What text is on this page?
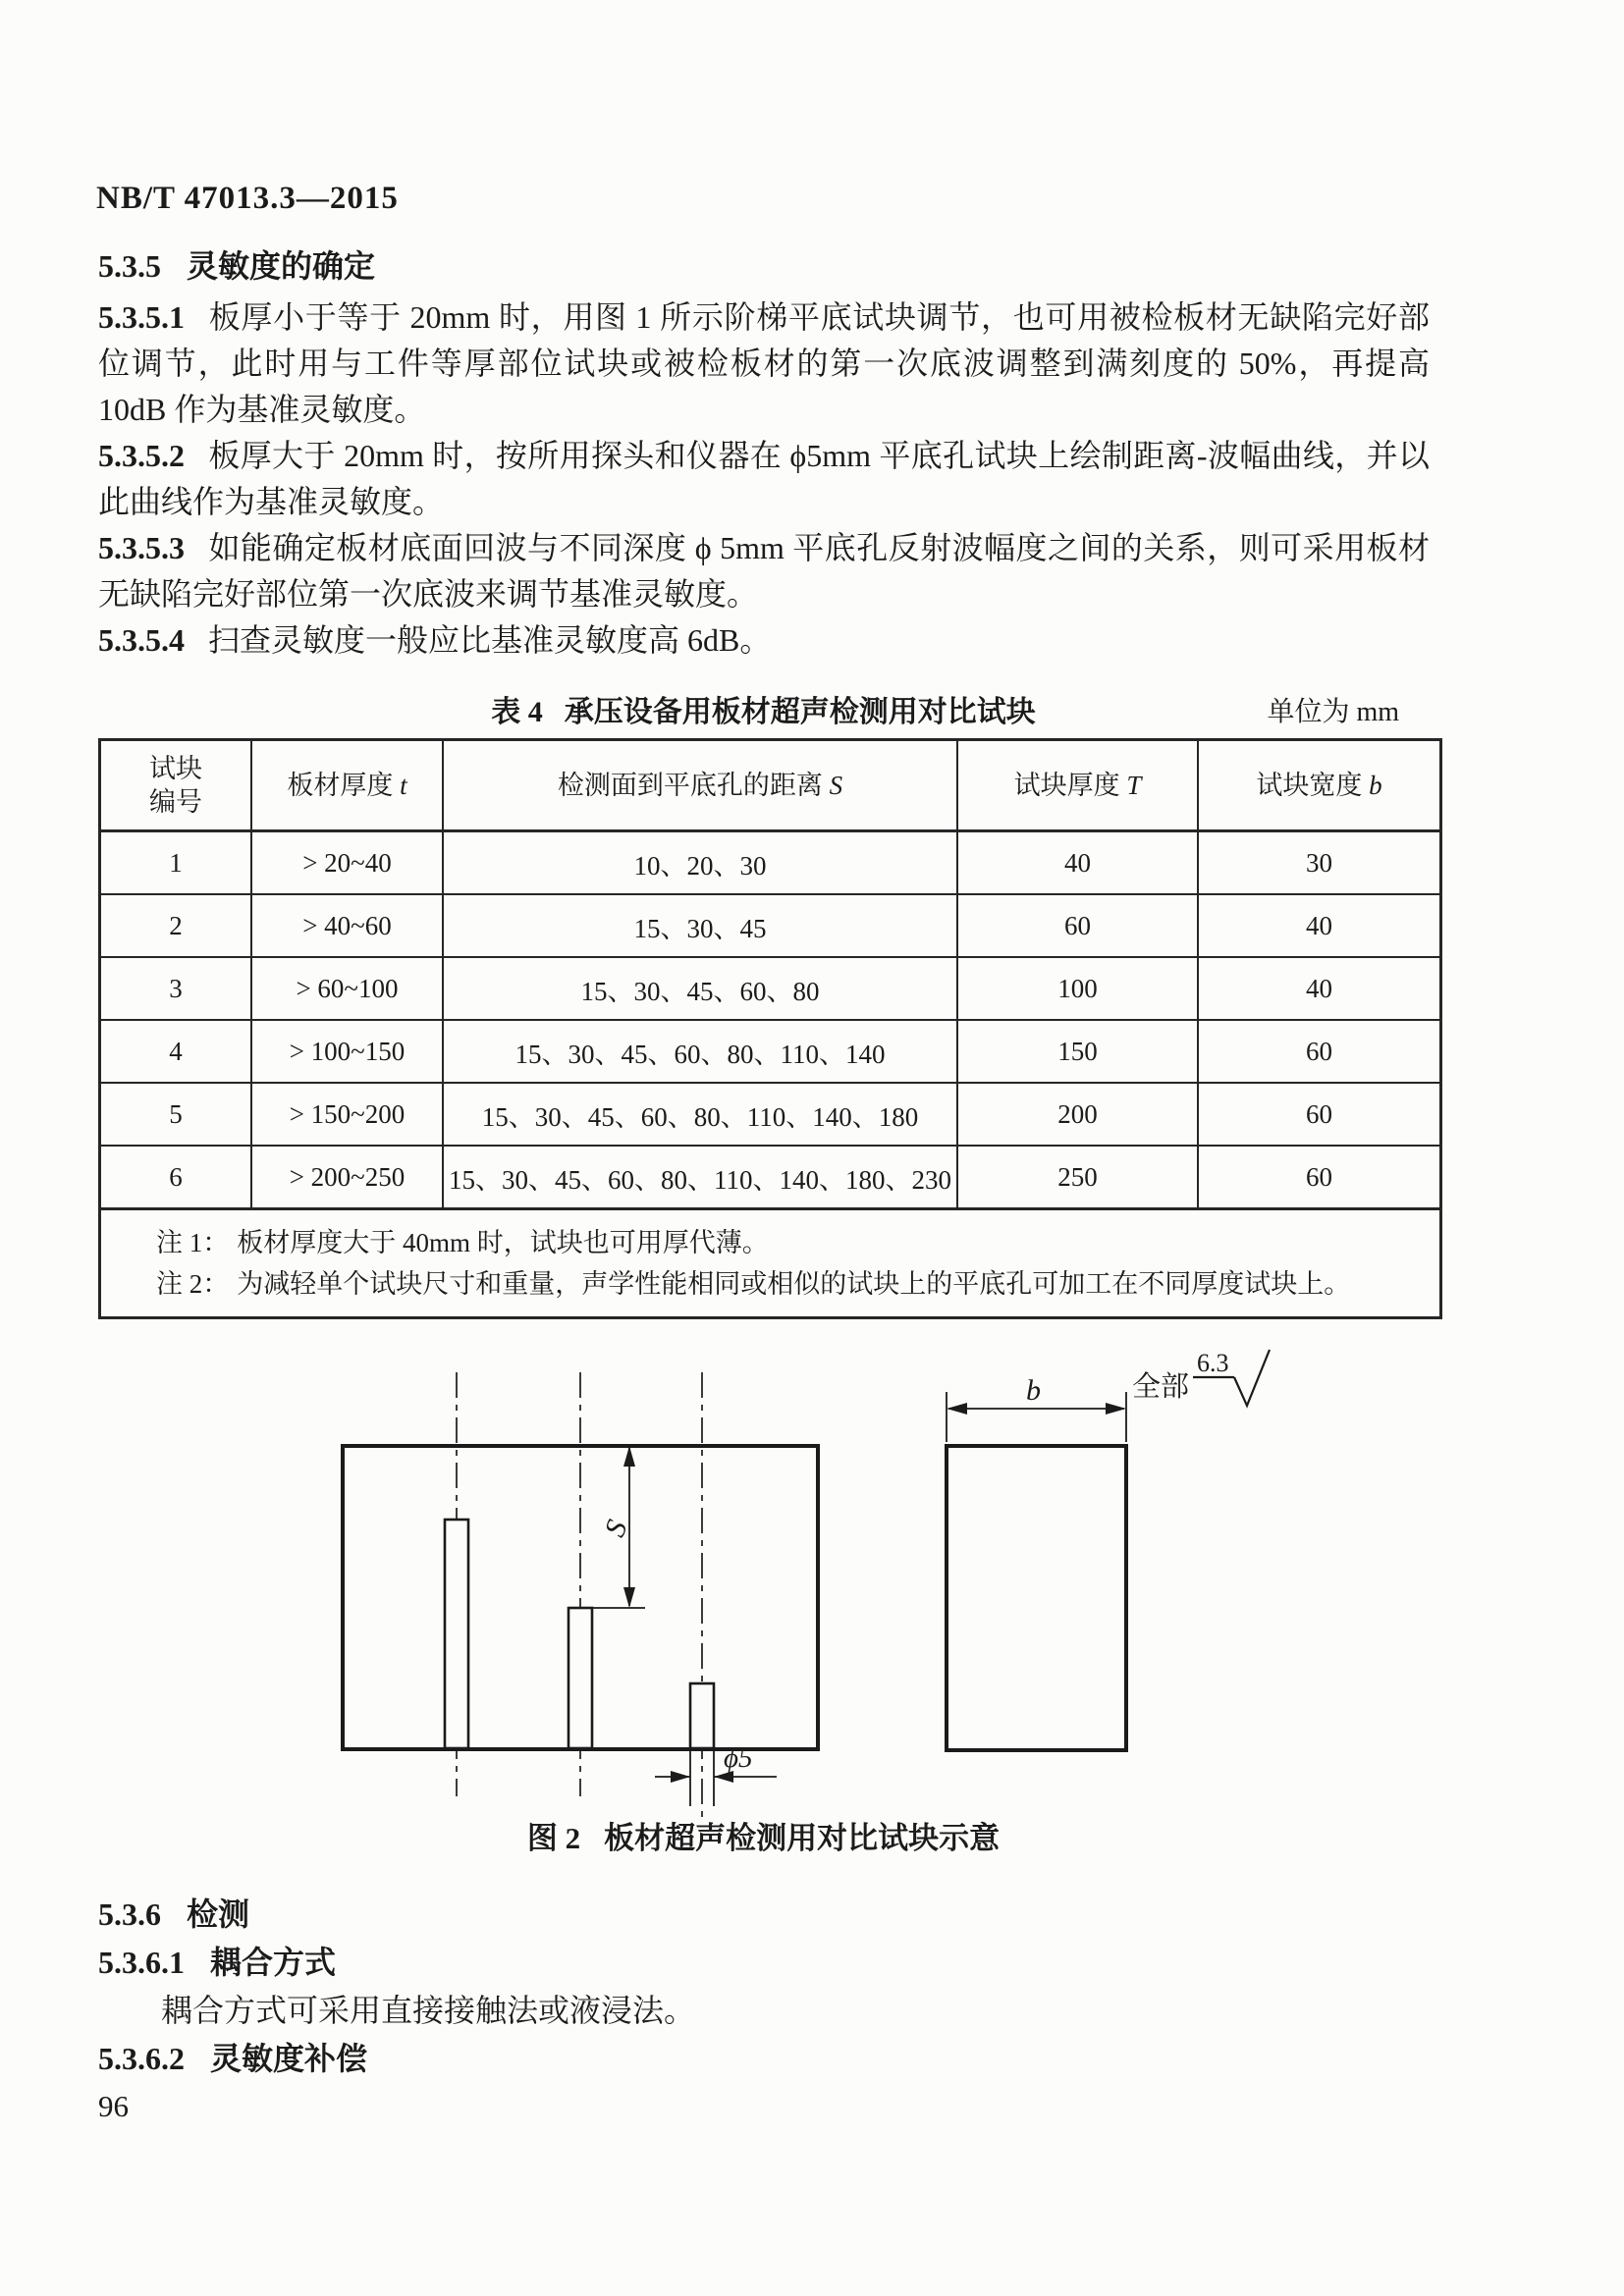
NB/T 47013.3—2015
5.3.5 灵敏度的确定

5.3.5.1 板厚小于等于 20mm 时，用图 1 所示阶梯平底试块调节，也可用被检板材无缺陷完好部位调节，此时用与工件等厚部位试块或被检板材的第一次底波调整到满刻度的 50%，再提高 10dB 作为基准灵敏度。

5.3.5.2 板厚大于 20mm 时，按所用探头和仪器在 ϕ5mm 平底孔试块上绘制距离-波幅曲线，并以此曲线作为基准灵敏度。

5.3.5.3 如能确定板材底面回波与不同深度 ϕ 5mm 平底孔反射波幅度之间的关系，则可采用板材无缺陷完好部位第一次底波来调节基准灵敏度。

5.3.5.4 扫查灵敏度一般应比基准灵敏度高 6dB。

表 4 承压设备用板材超声检测用对比试块	单位为 mm
试块
编号	板材厚度 t	检测面到平底孔的距离 S	试块厚度 T	试块宽度 b
1	> 20~40	10、20、30	40	30
2	> 40~60	15、30、45	60	40
3	> 60~100	15、30、45、60、80	100	40
4	> 100~150	15、30、45、60、80、110、140	150	60
5	> 150~200	15、30、45、60、80、110、140、180	200	60
6	> 200~250	15、30、45、60、80、110、140、180、230	250	60

注 1： 板材厚度大于 40mm 时，试块也可用厚代薄。
注 2： 为减轻单个试块尺寸和重量，声学性能相同或相似的试块上的平底孔可加工在不同厚度试块上。				
S
ϕ5
b	全部
6.3
图 2 板材超声检测用对比试块示意
5.3.6 检测
5.3.6.1 耦合方式
耦合方式可采用直接接触法或液浸法。
5.3.6.2 灵敏度补偿
96
